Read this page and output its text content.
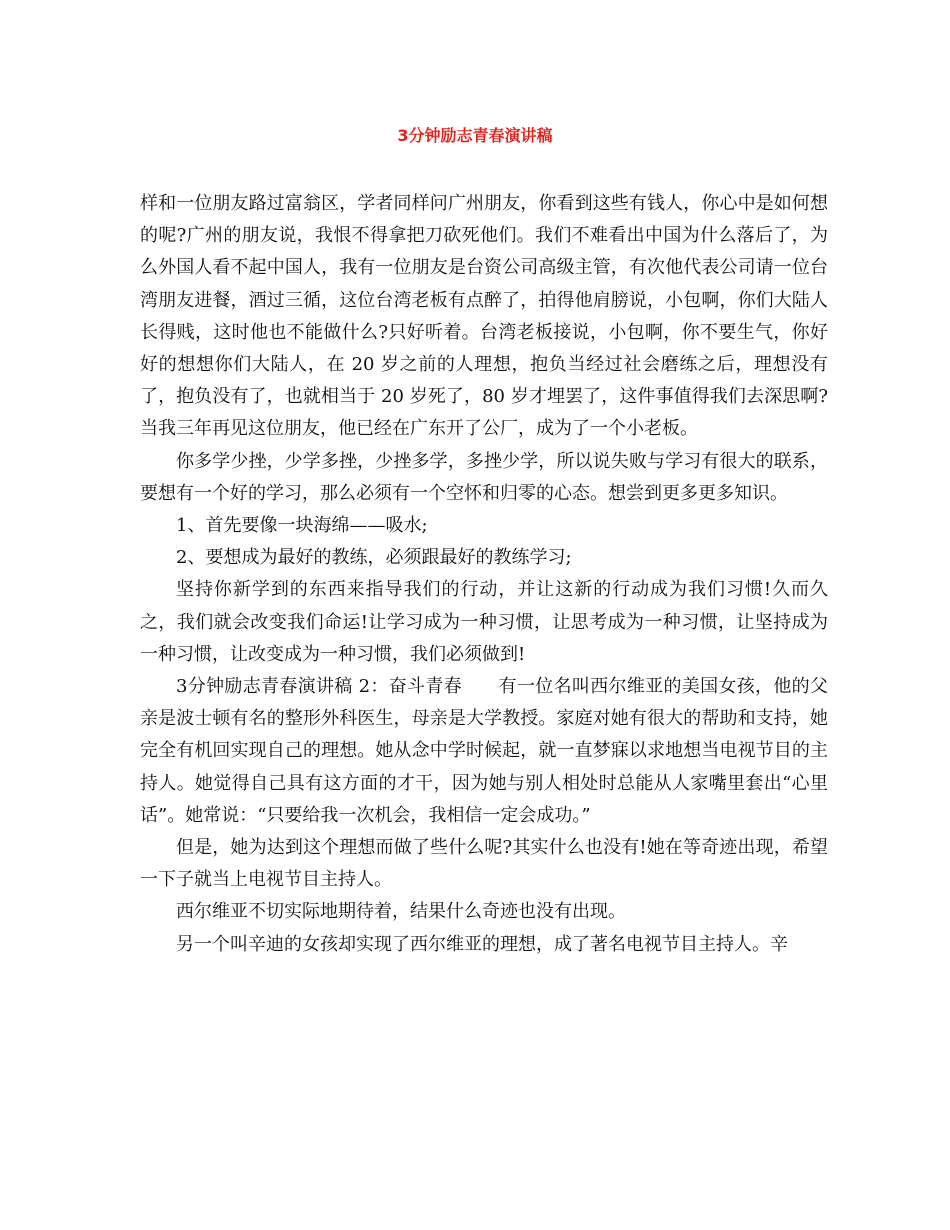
3分钟励志青春演讲稿

样和一位朋友路过富翁区，学者同样问广州朋友，你看到这些有钱人，你心中是如何想的呢?广州的朋友说，我恨不得拿把刀砍死他们。我们不难看出中国为什么落后了，为么外国人看不起中国人，我有一位朋友是台资公司高级主管，有次他代表公司请一位台湾朋友进餐，酒过三循，这位台湾老板有点醉了，拍得他肩膀说，小包啊，你们大陆人长得贱，这时他也不能做什么?只好听着。台湾老板接说，小包啊，你不要生气，你好好的想想你们大陆人，在 20 岁之前的人理想，抱负当经过社会磨练之后，理想没有了，抱负没有了，也就相当于 20 岁死了，80 岁才埋罢了，这件事值得我们去深思啊?当我三年再见这位朋友，他已经在广东开了公厂，成为了一个小老板。

你多学少挫，少学多挫，少挫多学，多挫少学，所以说失败与学习有很大的联系，要想有一个好的学习，那么必须有一个空怀和归零的心态。想尝到更多更多知识。

1、首先要像一块海绵——吸水;

2、要想成为最好的教练，必须跟最好的教练学习;

坚持你新学到的东西来指导我们的行动，并让这新的行动成为我们习惯!久而久之，我们就会改变我们命运!让学习成为一种习惯，让思考成为一种习惯，让坚持成为一种习惯，让改变成为一种习惯，我们必须做到!

3分钟励志青春演讲稿 2：奋斗青春　　有一位名叫西尔维亚的美国女孩，他的父亲是波士顿有名的整形外科医生，母亲是大学教授。家庭对她有很大的帮助和支持，她完全有机回实现自己的理想。她从念中学时候起，就一直梦寐以求地想当电视节目的主持人。她觉得自己具有这方面的才干，因为她与别人相处时总能从人家嘴里套出“心里话”。她常说：“只要给我一次机会，我相信一定会成功。”

但是，她为达到这个理想而做了些什么呢?其实什么也没有!她在等奇迹出现，希望一下子就当上电视节目主持人。

西尔维亚不切实际地期待着，结果什么奇迹也没有出现。

另一个叫辛迪的女孩却实现了西尔维亚的理想，成了著名电视节目主持人。辛
